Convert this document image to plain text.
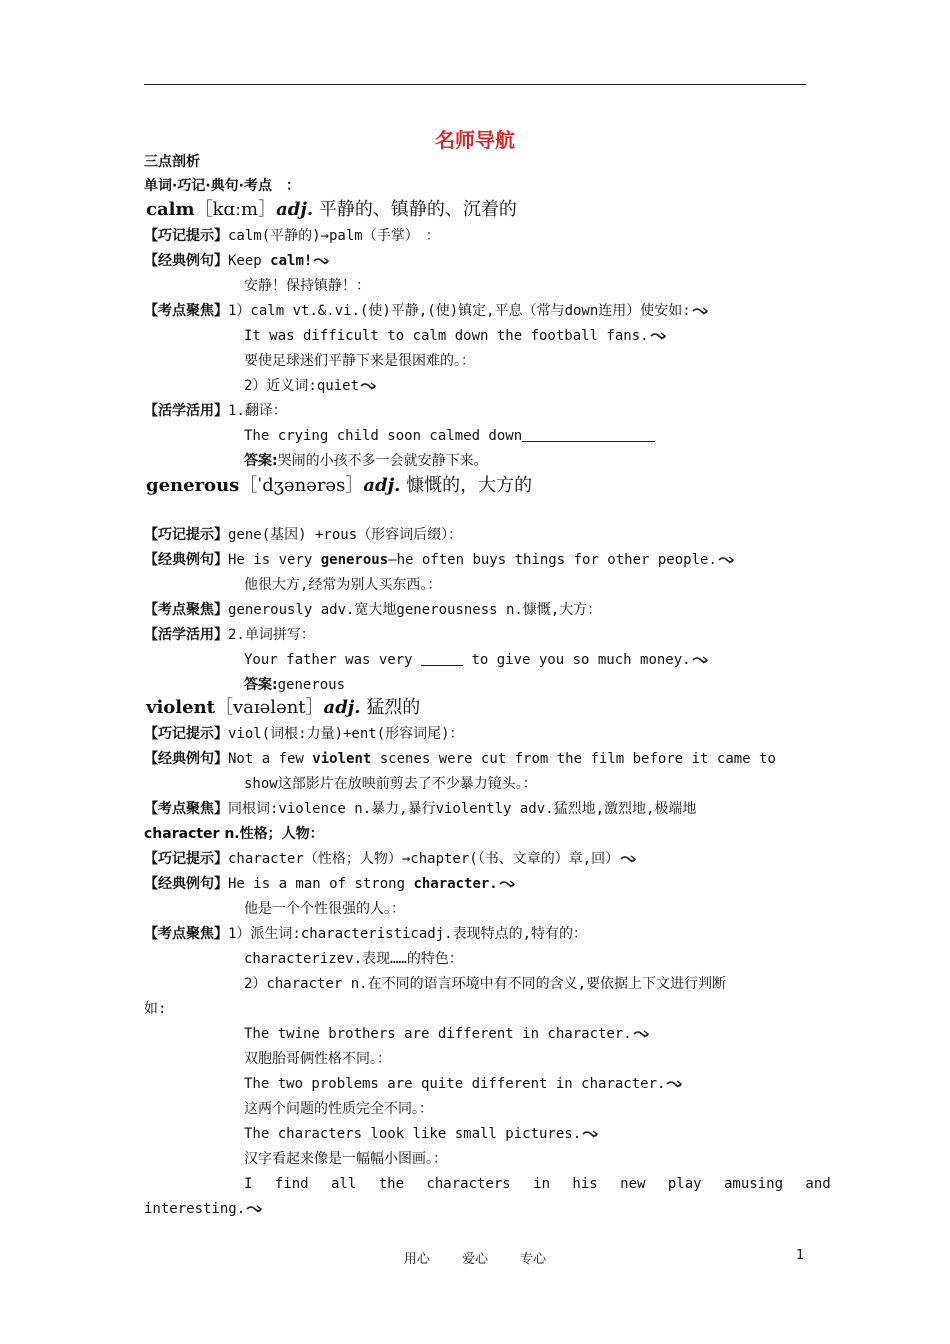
名师导航
三点剖析
单词·巧记·典句·考点　：
calm［kɑːm］adj. 平静的、镇静的、沉着的
【巧记提示】calm(平静的)→palm（手掌）　：
【经典例句】Keep calm!
安静！保持镇静！：
【考点聚焦】1）calm vt.&.vi.(使)平静,(使)镇定,平息（常与down连用）使安如:
It was difficult to calm down the football fans.
要使足球迷们平静下来是很困难的。：
2）近义词:quiet
【活学活用】1.翻译：
The crying child soon calmed down
答案:哭闹的小孩不多一会就安静下来。
generous［ˈdʒənərəs］adj. 慷慨的，大方的
【巧记提示】gene(基因) +rous（形容词后缀）：
【经典例句】He is very generous—he often buys things for other people.
他很大方,经常为别人买东西。：
【考点聚焦】generously adv.宽大地generousness n.慷慨,大方：
【活学活用】2.单词拼写：
Your father was very	to give you so much money.
答案:generous
violent［vaɪələnt］adj. 猛烈的
【巧记提示】viol(词根:力量)+ent(形容词尾)：
【经典例句】Not a few violent scenes were cut from the film before it came to
show这部影片在放映前剪去了不少暴力镜头。：
【考点聚焦】同根词:violence n.暴力,暴行violently adv.猛烈地,激烈地,极端地
character n.性格；人物：
【巧记提示】character（性格；人物）→chapter(（书、文章的）章,回）
【经典例句】He is a man of strong character.
他是一个个性很强的人。：
【考点聚焦】1）派生词:characteristicadj.表现特点的,特有的：
characterizev.表现……的特色：
2）character n.在不同的语言环境中有不同的含义,要依据上下文进行判断
如:
The twine brothers are different in character.
双胞胎哥俩性格不同。：
The two problems are quite different in character.
这两个问题的性质完全不同。：
The characters look like small pictures.
汉字看起来像是一幅幅小图画。：
I find all the characters in his new play amusing and
interesting.
用心 爱心 专心	1
